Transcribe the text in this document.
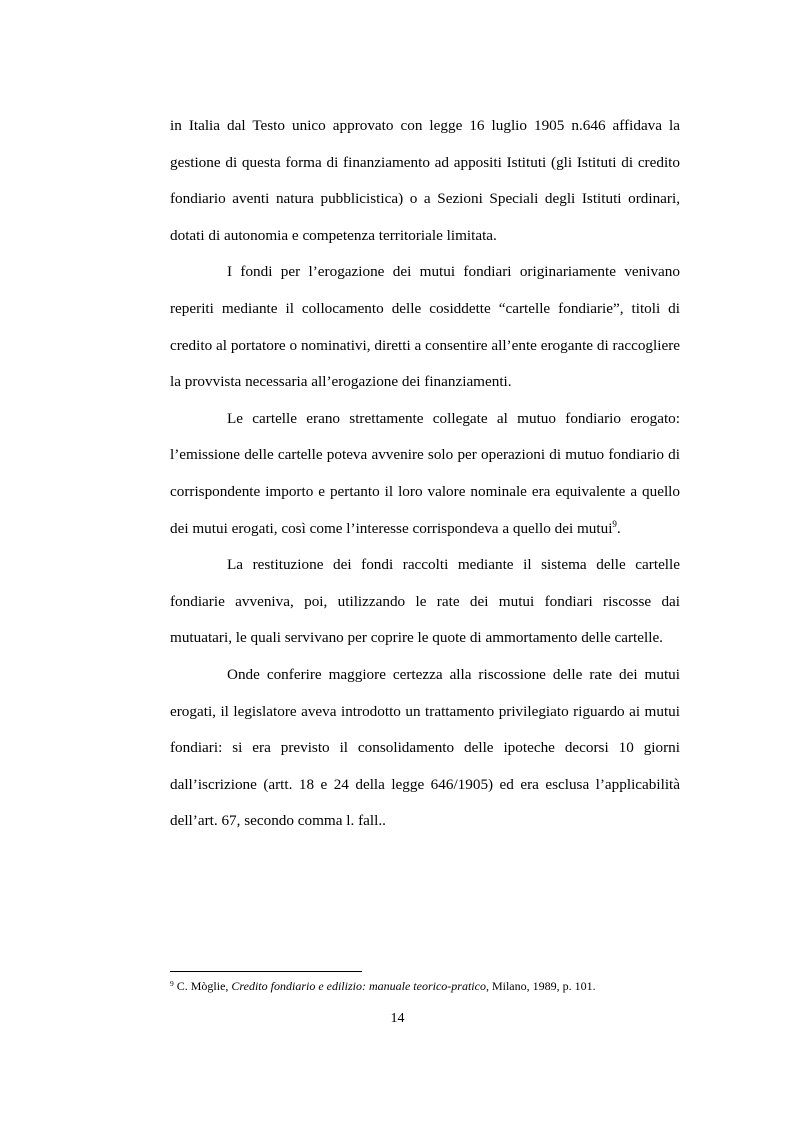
in Italia dal Testo unico approvato con legge 16 luglio 1905 n.646 affidava la gestione di questa forma di finanziamento ad appositi Istituti (gli Istituti di credito fondiario aventi natura pubblicistica) o a Sezioni Speciali degli Istituti ordinari, dotati di autonomia e competenza territoriale limitata.

I fondi per l’erogazione dei mutui fondiari originariamente venivano reperiti mediante il collocamento delle cosiddette “cartelle fondiarie”, titoli di credito al portatore o nominativi, diretti a consentire all’ente erogante di raccogliere la provvista necessaria all’erogazione dei finanziamenti.

Le cartelle erano strettamente collegate al mutuo fondiario erogato: l’emissione delle cartelle poteva avvenire solo per operazioni di mutuo fondiario di corrispondente importo e pertanto il loro valore nominale era equivalente a quello dei mutui erogati, così come l’interesse corrispondeva a quello dei mutui$^9$.

La restituzione dei fondi raccolti mediante il sistema delle cartelle fondiarie avveniva, poi, utilizzando le rate dei mutui fondiari riscosse dai mutuatari, le quali servivano per coprire le quote di ammortamento delle cartelle.

Onde conferire maggiore certezza alla riscossione delle rate dei mutui erogati, il legislatore aveva introdotto un trattamento privilegiato riguardo ai mutui fondiari: si era previsto il consolidamento delle ipoteche decorsi 10 giorni dall’iscrizione (artt. 18 e 24 della legge 646/1905) ed era esclusa l’applicabilità dell’art. 67, secondo comma l. fall..

$^9$ C. Mòglie, Credito fondiario e edilizio: manuale teorico-pratico, Milano, 1989, p. 101.
14
